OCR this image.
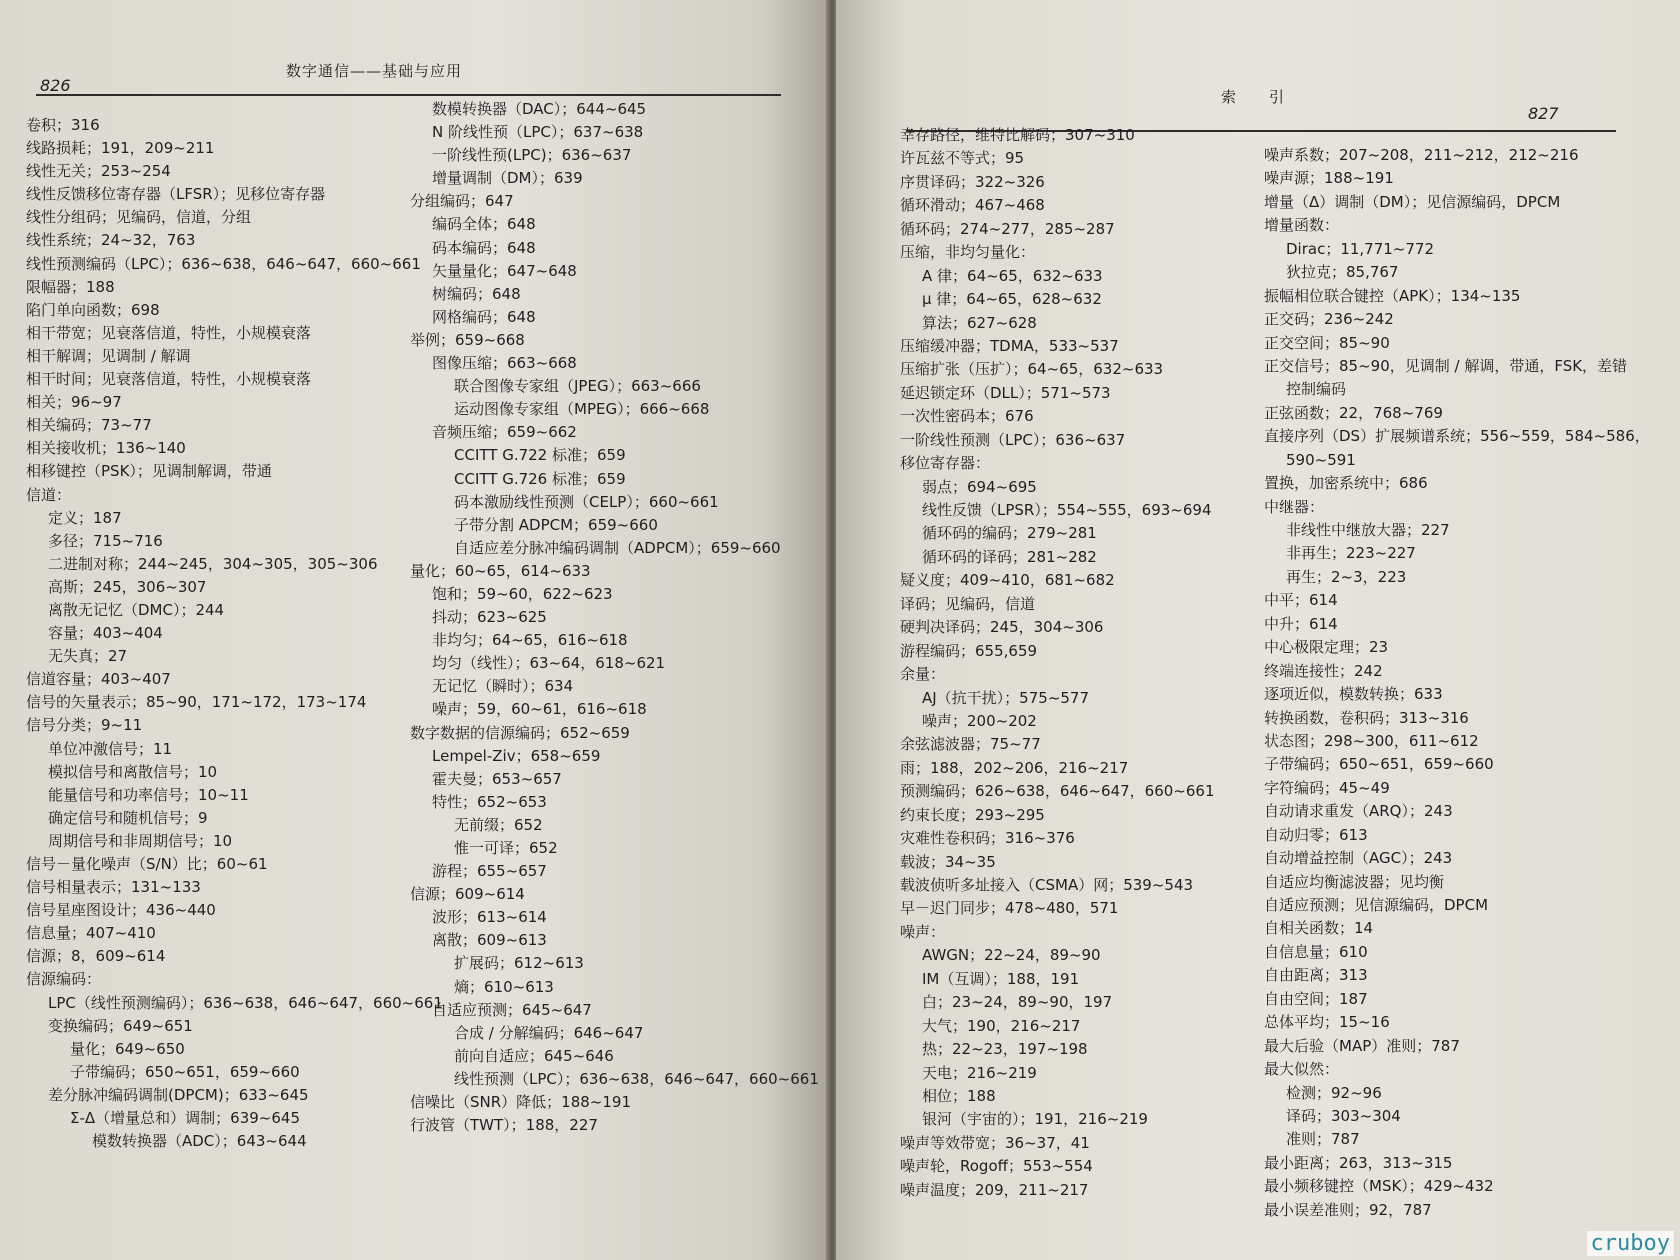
826
数字通信——基础与应用
卷积；316
线路损耗；191，209~211
线性无关；253~254
线性反馈移位寄存器（LFSR）；见移位寄存器
线性分组码；见编码，信道，分组
线性系统；24~32，763
线性预测编码（LPC）；636~638，646~647，660~661
限幅器；188
陷门单向函数；698
相干带宽；见衰落信道，特性，小规模衰落
相干解调；见调制 / 解调
相干时间；见衰落信道，特性，小规模衰落
相关；96~97
相关编码；73~77
相关接收机；136~140
相移键控（PSK）；见调制解调，带通
信道：
定义；187
多径；715~716
二进制对称；244~245，304~305，305~306
高斯；245，306~307
离散无记忆（DMC）；244
容量；403~404
无失真；27
信道容量；403~407
信号的矢量表示；85~90，171~172，173~174
信号分类；9~11
单位冲激信号；11
模拟信号和离散信号；10
能量信号和功率信号；10~11
确定信号和随机信号；9
周期信号和非周期信号；10
信号－量化噪声（S/N）比；60~61
信号相量表示；131~133
信号星座图设计；436~440
信息量；407~410
信源；8，609~614
信源编码：
LPC（线性预测编码）；636~638，646~647，660~661
变换编码；649~651
量化；649~650
子带编码；650~651，659~660
差分脉冲编码调制(DPCM)；633~645
Σ-Δ（增量总和）调制；639~645
模数转换器（ADC）；643~644
数模转换器（DAC）；644~645
N 阶线性预（LPC）；637~638
一阶线性预(LPC)；636~637
增量调制（DM）；639
分组编码；647
编码全体；648
码本编码；648
矢量量化；647~648
树编码；648
网格编码；648
举例；659~668
图像压缩；663~668
联合图像专家组（JPEG）；663~666
运动图像专家组（MPEG）；666~668
音频压缩；659~662
CCITT G.722 标准；659
CCITT G.726 标准；659
码本激励线性预测（CELP）；660~661
子带分割 ADPCM；659~660
自适应差分脉冲编码调制（ADPCM）；659~660
量化；60~65，614~633
饱和；59~60，622~623
抖动；623~625
非均匀；64~65，616~618
均匀（线性）；63~64，618~621
无记忆（瞬时）；634
噪声；59，60~61，616~618
数字数据的信源编码；652~659
Lempel-Ziv；658~659
霍夫曼；653~657
特性；652~653
无前缀；652
惟一可译；652
游程；655~657
信源；609~614
波形；613~614
离散；609~613
扩展码；612~613
熵；610~613
自适应预测；645~647
合成 / 分解编码；646~647
前向自适应；645~646
线性预测（LPC）；636~638，646~647，660~661
信噪比（SNR）降低；188~191
行波管（TWT）；188，227
索　　引
827
幸存路径，维特比解码；307~310
许瓦兹不等式；95
序贯译码；322~326
循环滑动；467~468
循环码；274~277，285~287
压缩，非均匀量化：
A 律；64~65，632~633
μ 律；64~65，628~632
算法；627~628
压缩缓冲器；TDMA，533~537
压缩扩张（压扩）；64~65，632~633
延迟锁定环（DLL）；571~573
一次性密码本；676
一阶线性预测（LPC）；636~637
移位寄存器：
弱点；694~695
线性反馈（LPSR）；554~555，693~694
循环码的编码；279~281
循环码的译码；281~282
疑义度；409~410，681~682
译码；见编码，信道
硬判决译码；245，304~306
游程编码；655,659
余量：
AJ（抗干扰）；575~577
噪声；200~202
余弦滤波器；75~77
雨；188，202~206，216~217
预测编码；626~638，646~647，660~661
约束长度；293~295
灾难性卷积码；316~376
载波；34~35
载波侦听多址接入（CSMA）网；539~543
早－迟门同步；478~480，571
噪声：
AWGN；22~24，89~90
IM（互调）；188，191
白；23~24，89~90，197
大气；190，216~217
热；22~23，197~198
天电；216~219
相位；188
银河（宇宙的）；191，216~219
噪声等效带宽；36~37，41
噪声轮，Rogoff；553~554
噪声温度；209，211~217
噪声系数；207~208，211~212，212~216
噪声源；188~191
增量（Δ）调制（DM）；见信源编码，DPCM
增量函数：
Dirac；11,771~772
狄拉克；85,767
振幅相位联合键控（APK）；134~135
正交码；236~242
正交空间；85~90
正交信号；85~90，见调制 / 解调，带通，FSK，差错
控制编码
正弦函数；22，768~769
直接序列（DS）扩展频谱系统；556~559，584~586，
590~591
置换，加密系统中；686
中继器：
非线性中继放大器；227
非再生；223~227
再生；2~3，223
中平；614
中升；614
中心极限定理；23
终端连接性；242
逐项近似，模数转换；633
转换函数，卷积码；313~316
状态图；298~300，611~612
子带编码；650~651，659~660
字符编码；45~49
自动请求重发（ARQ）；243
自动归零；613
自动增益控制（AGC）；243
自适应均衡滤波器；见均衡
自适应预测；见信源编码，DPCM
自相关函数；14
自信息量；610
自由距离；313
自由空间；187
总体平均；15~16
最大后验（MAP）准则；787
最大似然：
检测；92~96
译码；303~304
准则；787
最小距离；263，313~315
最小频移键控（MSK）；429~432
最小误差准则；92，787
cruboy
